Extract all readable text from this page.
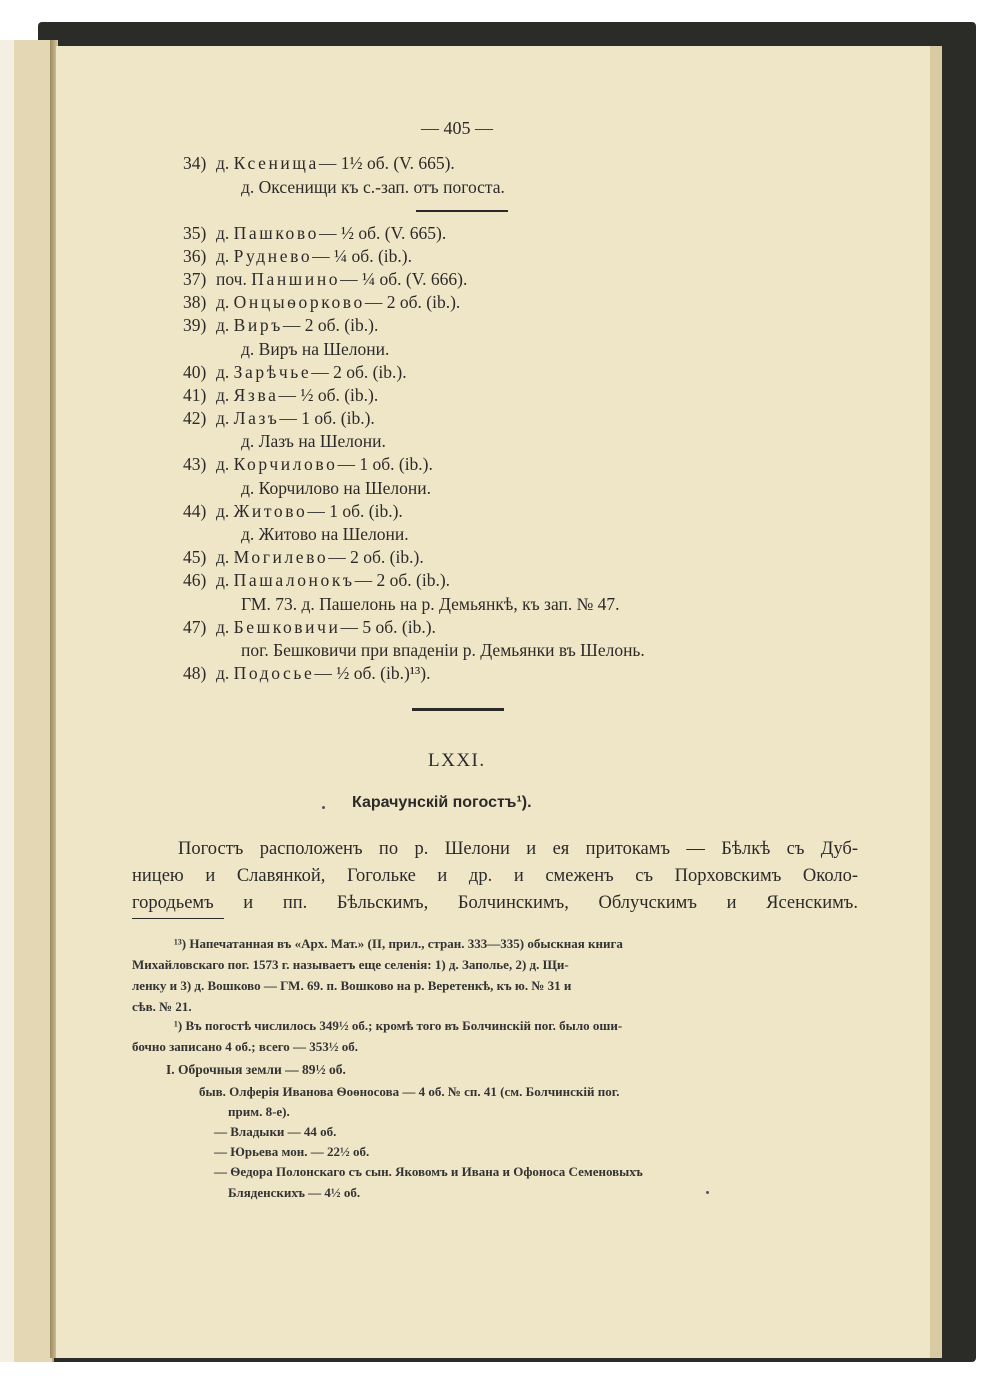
— 405 —
34) д. Ксенища— 1½ об. (V. 665).
д. Оксенищи къ с.-зап. отъ погоста.
35) д. Пашково— ½ об. (V. 665).
36) д. Руднево— ¼ об. (ib.).
37) поч. Паншино— ¼ об. (V. 666).
38) д. Онцыѳорково— 2 об. (ib.).
39) д. Виръ— 2 об. (ib.).
д. Виръ на Шелони.
40) д. Зарѣчье— 2 об. (ib.).
41) д. Язва— ½ об. (ib.).
42) д. Лазъ— 1 об. (ib.).
д. Лазъ на Шелони.
43) д. Корчилово— 1 об. (ib.).
д. Корчилово на Шелони.
44) д. Житово— 1 об. (ib.).
д. Житово на Шелони.
45) д. Могилево— 2 об. (ib.).
46) д. Пашалонокъ— 2 об. (ib.).
ГМ. 73. д. Пашелонь на р. Демьянкѣ, къ зап. № 47.
47) д. Бешковичи— 5 об. (ib.).
пог. Бешковичи при впаденіи р. Демьянки въ Шелонь.
48) д. Подосье— ½ об. (ib.)¹³).
LXXI.
Карачунскій погостъ¹).
Погостъ расположенъ по р. Шелони и ея притокамъ — Бѣлкѣ съ Дуб-
ницею и Славянкой, Гогольке и др. и смеженъ съ Порховскимъ Около-
городьемъ и пп. Бѣльскимъ, Болчинскимъ, Облучскимъ и Ясенскимъ.
¹³) Напечатанная въ «Арх. Мат.» (II, прил., стран. 333—335) обыскная книга
Михайловскаго пог. 1573 г. называетъ еще селенія: 1) д. Заполье, 2) д. Щи-
ленку и 3) д. Вошково — ГМ. 69. п. Вошково на р. Веретенкѣ, къ ю. № 31 и
сѣв. № 21.
¹) Въ погостѣ числилось 349½ об.; кромѣ того въ Болчинскій пог. было оши-
бочно записано 4 об.; всего — 353½ об.
I. Оброчныя земли — 89½ об.
быв. Олферія Иванова Ѳоѳносова — 4 об. № сп. 41 (см. Болчинскій пог.
прим. 8-е).
— Владыки — 44 об.
— Юрьева мон. — 22½ об.
— Ѳедора Полонскаго съ сын. Яковомъ и Ивана и Офоноса Семеновыхъ
Бляденскихъ — 4½ об.
